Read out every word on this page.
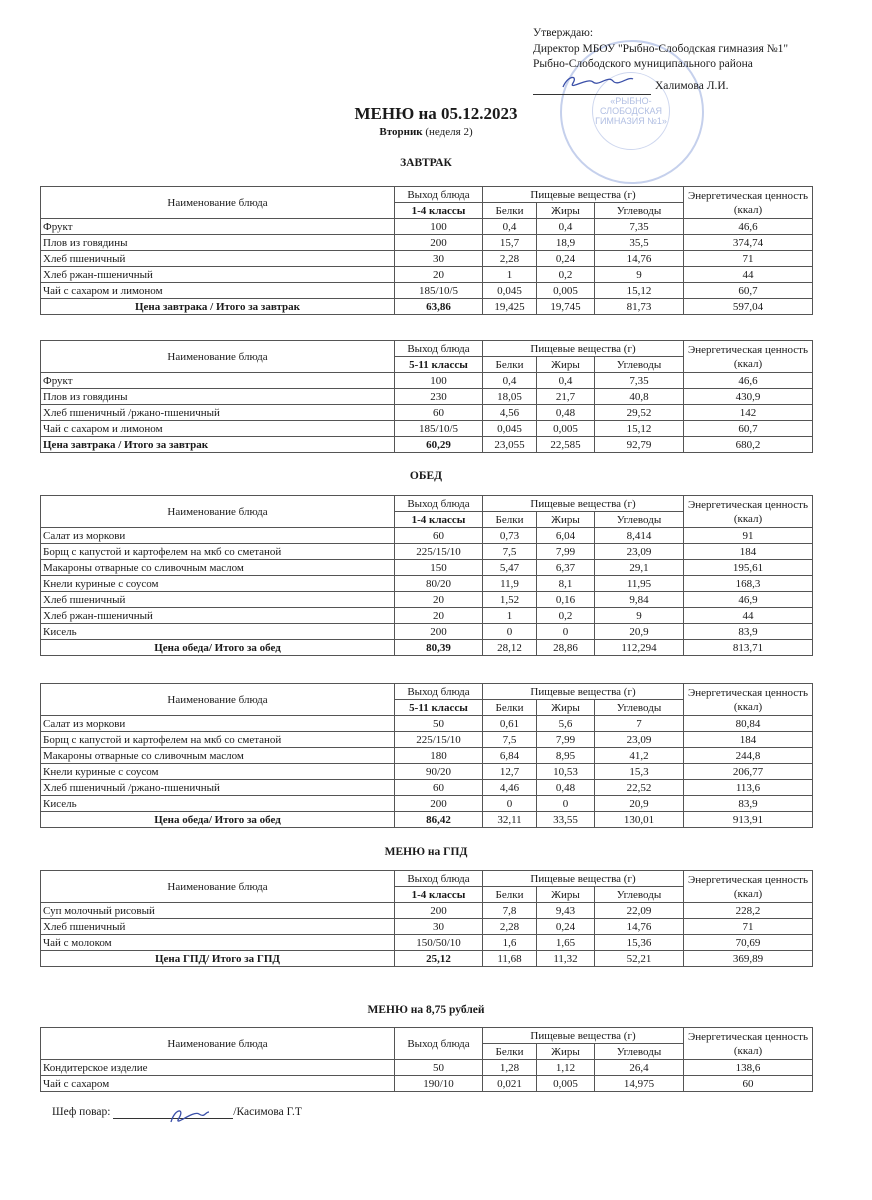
«РЫБНО-СЛОБОДСКАЯ ГИМНАЗИЯ №1»
Утверждаю:
Директор МБОУ "Рыбно-Слободская гимназия №1"
Рыбно-Слободского муниципального района
Халимова Л.И.
МЕНЮ на 05.12.2023
Вторник (неделя 2)
ЗАВТРАК
Наименование блюда	Выход блюда	Пищевые вещества (г)			Энергетическая ценность (ккал)
	1-4 классы	Белки	Жиры	Углеводы	
Фрукт	100	0,4	0,4	7,35	46,6
Плов из говядины	200	15,7	18,9	35,5	374,74
Хлеб пшеничный	30	2,28	0,24	14,76	71
Хлеб ржан-пшеничный	20	1	0,2	9	44
Чай с сахаром и лимоном	185/10/5	0,045	0,005	15,12	60,7
Цена завтрака / Итого за завтрак	63,86	19,425	19,745	81,73	597,04
Наименование блюда	Выход блюда	Пищевые вещества (г)			Энергетическая ценность (ккал)
	5-11 классы	Белки	Жиры	Углеводы	
Фрукт	100	0,4	0,4	7,35	46,6
Плов из говядины	230	18,05	21,7	40,8	430,9
Хлеб пшеничный /ржано-пшеничный	60	4,56	0,48	29,52	142
Чай с сахаром и лимоном	185/10/5	0,045	0,005	15,12	60,7
Цена завтрака / Итого за завтрак	60,29	23,055	22,585	92,79	680,2
ОБЕД
Наименование блюда	Выход блюда	Пищевые вещества (г)			Энергетическая ценность (ккал)
	1-4 классы	Белки	Жиры	Углеводы	
Салат из моркови	60	0,73	6,04	8,414	91
Борщ с капустой и картофелем на мкб со сметаной	225/15/10	7,5	7,99	23,09	184
Макароны отварные со сливочным маслом	150	5,47	6,37	29,1	195,61
Кнели куриные с соусом	80/20	11,9	8,1	11,95	168,3
Хлеб пшеничный	20	1,52	0,16	9,84	46,9
Хлеб ржан-пшеничный	20	1	0,2	9	44
Кисель	200	0	0	20,9	83,9
Цена обеда/ Итого за обед	80,39	28,12	28,86	112,294	813,71
Наименование блюда	Выход блюда	Пищевые вещества (г)			Энергетическая ценность (ккал)
	5-11 классы	Белки	Жиры	Углеводы	
Салат из моркови	50	0,61	5,6	7	80,84
Борщ с капустой и картофелем на мкб со сметаной	225/15/10	7,5	7,99	23,09	184
Макароны отварные со сливочным маслом	180	6,84	8,95	41,2	244,8
Кнели куриные с соусом	90/20	12,7	10,53	15,3	206,77
Хлеб пшеничный /ржано-пшеничный	60	4,46	0,48	22,52	113,6
Кисель	200	0	0	20,9	83,9
Цена обеда/ Итого за обед	86,42	32,11	33,55	130,01	913,91
МЕНЮ на ГПД
Наименование блюда	Выход блюда	Пищевые вещества (г)			Энергетическая ценность (ккал)
	1-4 классы	Белки	Жиры	Углеводы	
Суп молочный рисовый	200	7,8	9,43	22,09	228,2
Хлеб пшеничный	30	2,28	0,24	14,76	71
Чай с молоком	150/50/10	1,6	1,65	15,36	70,69
Цена ГПД/ Итого за ГПД	25,12	11,68	11,32	52,21	369,89
МЕНЮ на 8,75 рублей
Наименование блюда	Выход блюда	Пищевые вещества (г)			Энергетическая ценность (ккал)
		Белки	Жиры	Углеводы	
Кондитерское изделие	50	1,28	1,12	26,4	138,6
Чай с сахаром	190/10	0,021	0,005	14,975	60
Шеф повар:	/Касимова Г.Т
